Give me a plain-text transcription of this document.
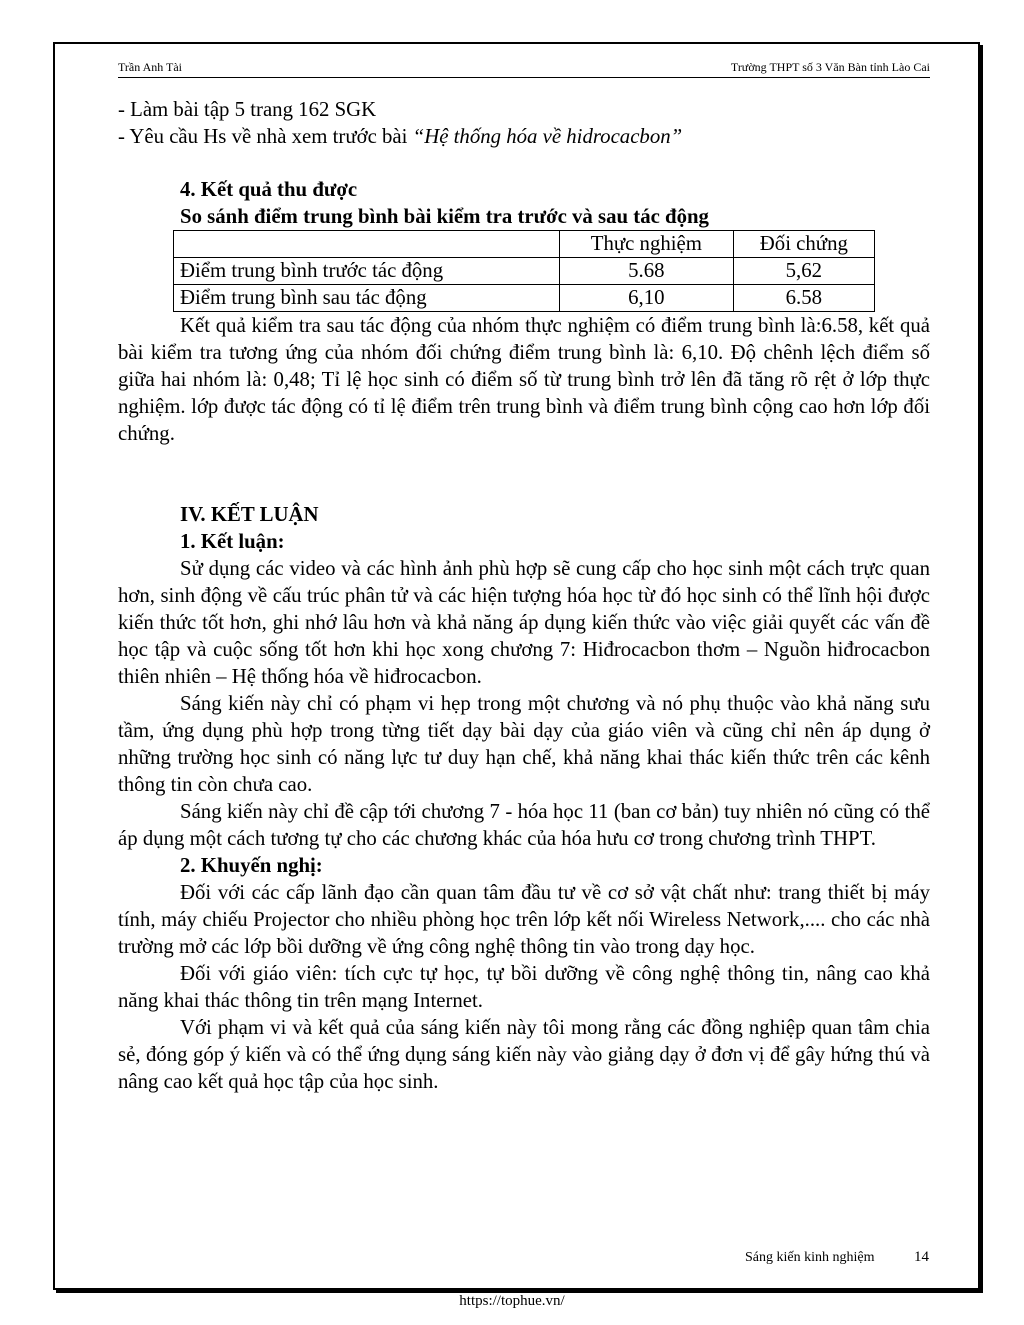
Trần Anh Tài	Trường THPT số 3 Văn Bàn tỉnh Lào Cai

- Làm bài tập 5 trang 162 SGK

- Yêu cầu Hs về nhà xem trước bài “Hệ thống hóa về hidrocacbon”

4. Kết quả thu được

So sánh điểm trung bình bài kiểm tra trước và sau tác động

	Thực nghiệm	Đối chứng
Điểm trung bình trước tác động	5.68	5,62
Điểm trung bình sau tác động	6,10	6.58

Kết quả kiểm tra sau tác động của nhóm thực nghiệm có điểm trung bình là:6.58, kết quả bài kiểm tra tương ứng của nhóm đối chứng điểm trung bình là: 6,10. Độ chênh lệch điểm số giữa hai nhóm là: 0,48; Tỉ lệ học sinh có điểm số từ trung bình trở lên đã tăng rõ rệt ở lớp thực nghiệm. lớp được tác động có tỉ lệ điểm trên trung bình và điểm trung bình cộng cao hơn lớp đối chứng.

IV. KẾT LUẬN

1. Kết luận:

Sử dụng các video và các hình ảnh phù hợp sẽ cung cấp cho học sinh một cách trực quan hơn, sinh động về cấu trúc phân tử và các hiện tượng hóa học từ đó học sinh có thể lĩnh hội được kiến thức tốt hơn, ghi nhớ lâu hơn và khả năng áp dụng kiến thức vào việc giải quyết các vấn đề học tập và cuộc sống tốt hơn khi học xong chương 7: Hiđrocacbon thơm – Nguồn hiđrocacbon thiên nhiên – Hệ thống hóa về hiđrocacbon.

Sáng kiến này chỉ có phạm vi hẹp trong một chương và nó phụ thuộc vào khả năng sưu tầm, ứng dụng phù hợp trong từng tiết dạy bài dạy của giáo viên và cũng chỉ nên áp dụng ở những trường học sinh có năng lực tư duy hạn chế, khả năng khai thác kiến thức trên các kênh thông tin còn chưa cao.

Sáng kiến này chỉ đề cập tới chương 7 - hóa học 11 (ban cơ bản) tuy nhiên nó cũng có thể áp dụng một cách tương tự cho các chương khác của hóa hưu cơ trong chương trình THPT.

2. Khuyến nghị:

Đối với các cấp lãnh đạo cần quan tâm đầu tư về cơ sở vật chất như: trang thiết bị máy tính, máy chiếu Projector cho nhiều phòng học trên lớp kết nối Wireless Network,.... cho các nhà trường mở các lớp bồi dưỡng về ứng công nghệ thông tin vào trong dạy học.

Đối với giáo viên: tích cực tự học, tự bồi dưỡng về công nghệ thông tin, nâng cao khả năng khai thác thông tin trên mạng Internet.

Với phạm vi và kết quả của sáng kiến này tôi mong rằng các đồng nghiệp quan tâm chia sẻ, đóng góp ý kiến và có thể ứng dụng sáng kiến này vào giảng dạy ở đơn vị để gây hứng thú và nâng cao kết quả học tập của học sinh.

Sáng kiến kinh nghiệm	14
https://tophue.vn/
